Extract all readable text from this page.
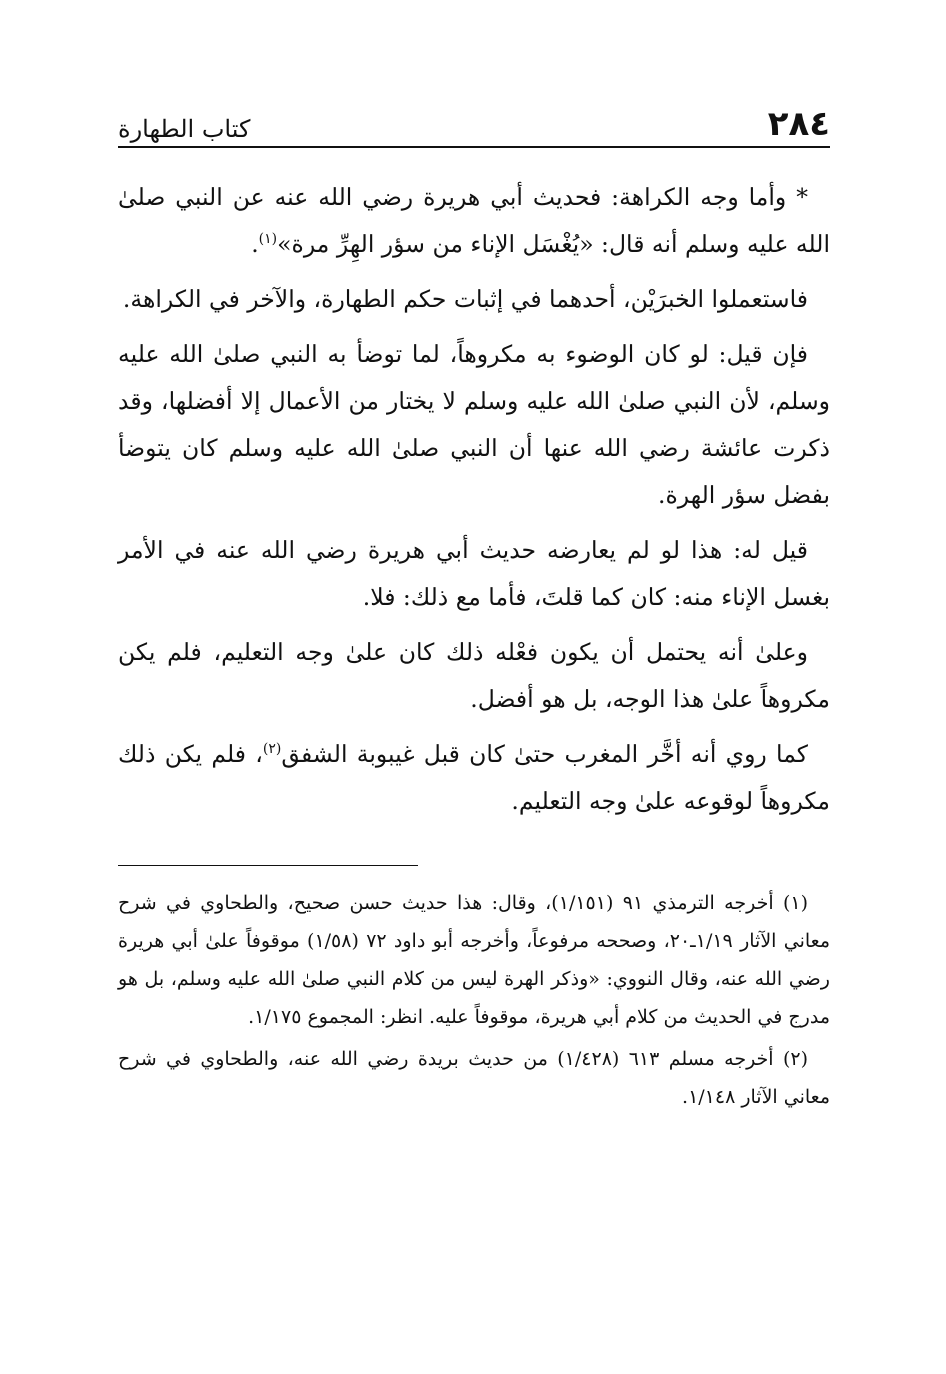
٢٨٤
كتاب الطهارة

* وأما وجه الكراهة: فحديث أبي هريرة رضي الله عنه عن النبي صلىٰ الله عليه وسلم أنه قال: «يُغْسَل الإناء من سؤر الهِرِّ مرة»$^{(١)}$.

فاستعملوا الخبرَيْن، أحدهما في إثبات حكم الطهارة، والآخر في الكراهة.

فإن قيل: لو كان الوضوء به مكروهاً، لما توضأ به النبي صلىٰ الله عليه وسلم، لأن النبي صلىٰ الله عليه وسلم لا يختار من الأعمال إلا أفضلها، وقد ذكرت عائشة رضي الله عنها أن النبي صلىٰ الله عليه وسلم كان يتوضأ بفضل سؤر الهرة.

قيل له: هذا لو لم يعارضه حديث أبي هريرة رضي الله عنه في الأمر بغسل الإناء منه: كان كما قلتَ، فأما مع ذلك: فلا.

وعلىٰ أنه يحتمل أن يكون فعْله ذلك كان علىٰ وجه التعليم، فلم يكن مكروهاً علىٰ هذا الوجه، بل هو أفضل.

كما روي أنه أخَّر المغرب حتىٰ كان قبل غيبوبة الشفق$^{(٢)}$، فلم يكن ذلك مكروهاً لوقوعه علىٰ وجه التعليم.

(١) أخرجه الترمذي ٩١ (١/١٥١)، وقال: هذا حديث حسن صحيح، والطحاوي في شرح معاني الآثار ١/١٩ـ٢٠، وصححه مرفوعاً، وأخرجه أبو داود ٧٢ (١/٥٨) موقوفاً علىٰ أبي هريرة رضي الله عنه، وقال النووي: «وذكر الهرة ليس من كلام النبي صلىٰ الله عليه وسلم، بل هو مدرج في الحديث من كلام أبي هريرة، موقوفاً عليه. انظر: المجموع ١/١٧٥.

(٢) أخرجه مسلم ٦١٣ (١/٤٢٨) من حديث بريدة رضي الله عنه، والطحاوي في شرح معاني الآثار ١/١٤٨.
